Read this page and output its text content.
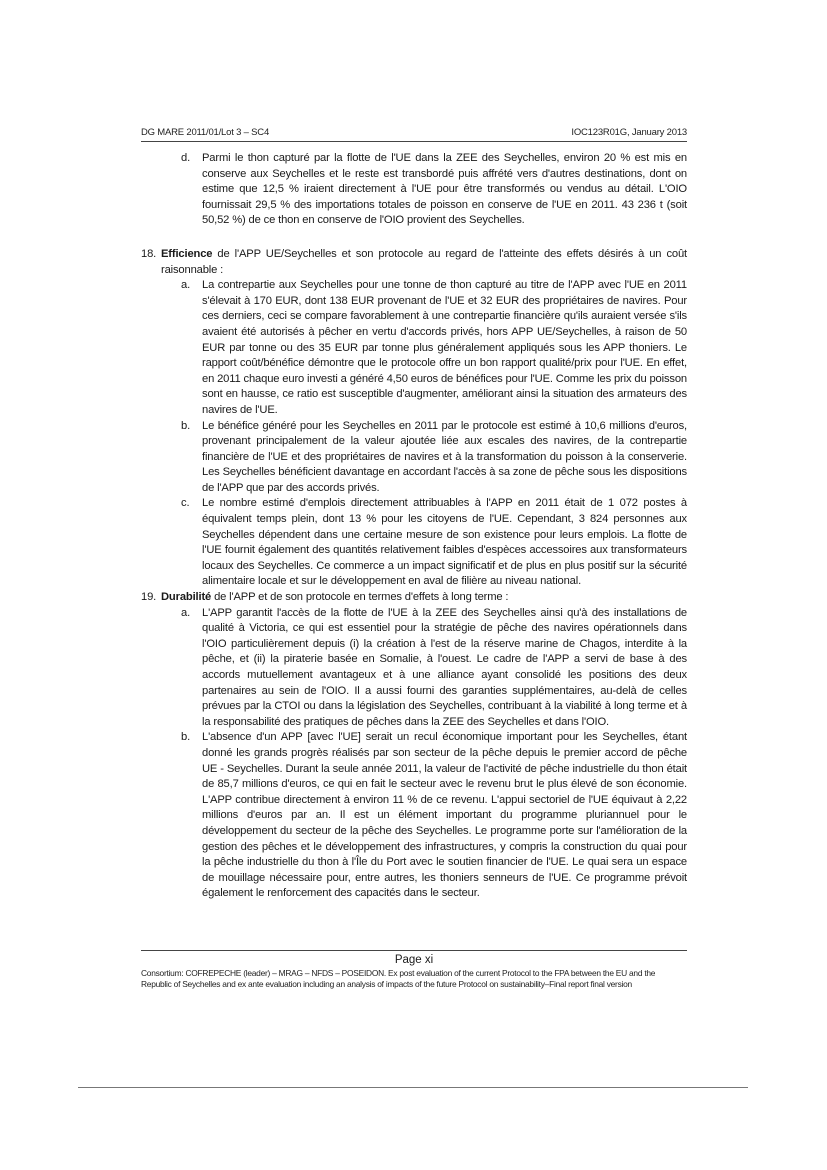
DG MARE 2011/01/Lot 3 – SC4	IOC123R01G, January 2013
d. Parmi le thon capturé par la flotte de l'UE dans la ZEE des Seychelles, environ 20 % est mis en conserve aux Seychelles et le reste est transbordé puis affrété vers d'autres destinations, dont on estime que 12,5 % iraient directement à l'UE pour être transformés ou vendus au détail. L'OIO fournissait 29,5 % des importations totales de poisson en conserve de l'UE en 2011. 43 236 t (soit 50,52 %) de ce thon en conserve de l'OIO provient des Seychelles.
18. Efficience de l'APP UE/Seychelles et son protocole au regard de l'atteinte des effets désirés à un coût raisonnable :
a. La contrepartie aux Seychelles pour une tonne de thon capturé au titre de l'APP avec l'UE en 2011 s'élevait à 170 EUR, dont 138 EUR provenant de l'UE et 32 EUR des propriétaires de navires. Pour ces derniers, ceci se compare favorablement à une contrepartie financière qu'ils auraient versée s'ils avaient été autorisés à pêcher en vertu d'accords privés, hors APP UE/Seychelles, à raison de 50 EUR par tonne ou des 35 EUR par tonne plus généralement appliqués sous les APP thoniers. Le rapport coût/bénéfice démontre que le protocole offre un bon rapport qualité/prix pour l'UE. En effet, en 2011 chaque euro investi a généré 4,50 euros de bénéfices pour l'UE. Comme les prix du poisson sont en hausse, ce ratio est susceptible d'augmenter, améliorant ainsi la situation des armateurs des navires de l'UE.
b. Le bénéfice généré pour les Seychelles en 2011 par le protocole est estimé à 10,6 millions d'euros, provenant principalement de la valeur ajoutée liée aux escales des navires, de la contrepartie financière de l'UE et des propriétaires de navires et à la transformation du poisson à la conserverie. Les Seychelles bénéficient davantage en accordant l'accès à sa zone de pêche sous les dispositions de l'APP que par des accords privés.
c. Le nombre estimé d'emplois directement attribuables à l'APP en 2011 était de 1 072 postes à équivalent temps plein, dont 13 % pour les citoyens de l'UE. Cependant, 3 824 personnes aux Seychelles dépendent dans une certaine mesure de son existence pour leurs emplois. La flotte de l'UE fournit également des quantités relativement faibles d'espèces accessoires aux transformateurs locaux des Seychelles. Ce commerce a un impact significatif et de plus en plus positif sur la sécurité alimentaire locale et sur le développement en aval de filière au niveau national.
19. Durabilité de l'APP et de son protocole en termes d'effets à long terme :
a. L'APP garantit l'accès de la flotte de l'UE à la ZEE des Seychelles ainsi qu'à des installations de qualité à Victoria, ce qui est essentiel pour la stratégie de pêche des navires opérationnels dans l'OIO particulièrement depuis (i) la création à l'est de la réserve marine de Chagos, interdite à la pêche, et (ii) la piraterie basée en Somalie, à l'ouest. Le cadre de l'APP a servi de base à des accords mutuellement avantageux et à une alliance ayant consolidé les positions des deux partenaires au sein de l'OIO. Il a aussi fourni des garanties supplémentaires, au-delà de celles prévues par la CTOI ou dans la législation des Seychelles, contribuant à la viabilité à long terme et à la responsabilité des pratiques de pêches dans la ZEE des Seychelles et dans l'OIO.
b. L'absence d'un APP [avec l'UE] serait un recul économique important pour les Seychelles, étant donné les grands progrès réalisés par son secteur de la pêche depuis le premier accord de pêche UE - Seychelles. Durant la seule année 2011, la valeur de l'activité de pêche industrielle du thon était de 85,7 millions d'euros, ce qui en fait le secteur avec le revenu brut le plus élevé de son économie. L'APP contribue directement à environ 11 % de ce revenu. L'appui sectoriel de l'UE équivaut à 2,22 millions d'euros par an. Il est un élément important du programme pluriannuel pour le développement du secteur de la pêche des Seychelles. Le programme porte sur l'amélioration de la gestion des pêches et le développement des infrastructures, y compris la construction du quai pour la pêche industrielle du thon à l'Île du Port avec le soutien financier de l'UE. Le quai sera un espace de mouillage nécessaire pour, entre autres, les thoniers senneurs de l'UE. Ce programme prévoit également le renforcement des capacités dans le secteur.
Page xi
Consortium: COFREPECHE (leader) – MRAG – NFDS – POSEIDON. Ex post evaluation of the current Protocol to the FPA between the EU and the Republic of Seychelles and ex ante evaluation including an analysis of impacts of the future Protocol on sustainability–Final report final version
